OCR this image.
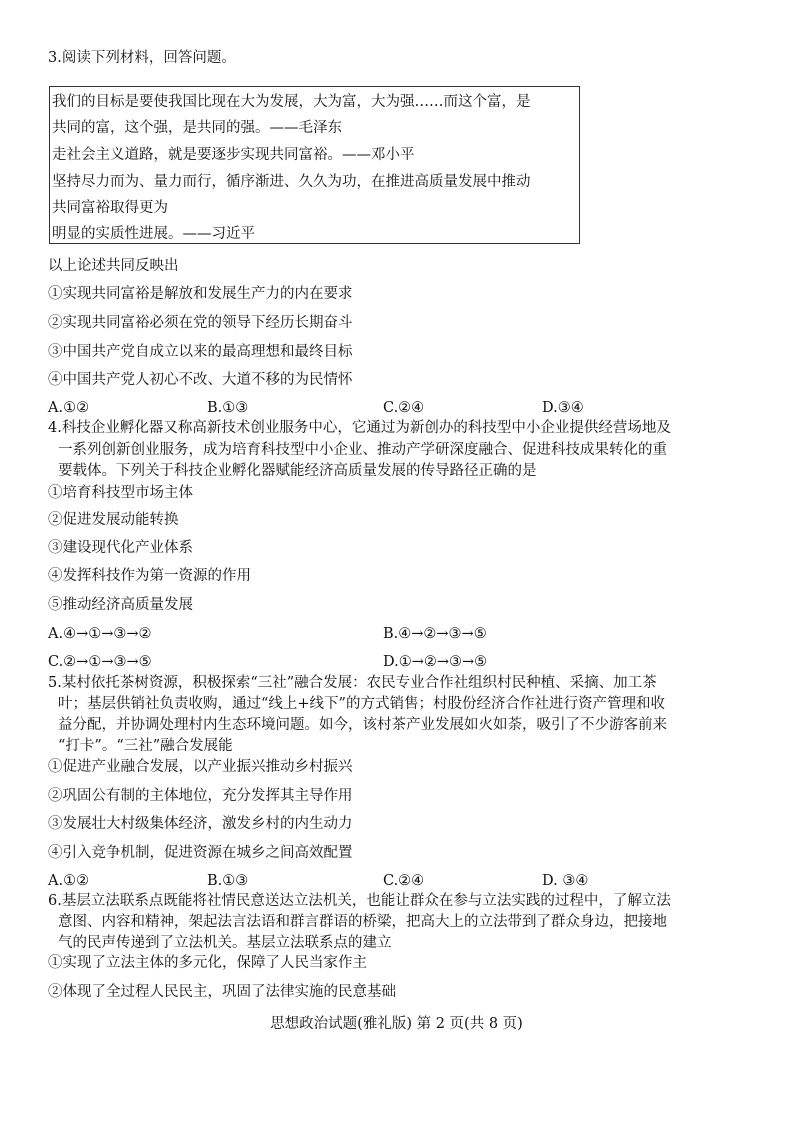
3.阅读下列材料，回答问题。
我们的目标是要使我国比现在大为发展，大为富，大为强……而这个富，是
共同的富，这个强，是共同的强。——毛泽东
走社会主义道路，就是要逐步实现共同富裕。——邓小平
坚持尽力而为、量力而行，循序渐进、久久为功，在推进高质量发展中推动
共同富裕取得更为
明显的实质性进展。——习近平
以上论述共同反映出
①实现共同富裕是解放和发展生产力的内在要求
②实现共同富裕必须在党的领导下经历长期奋斗
③中国共产党自成立以来的最高理想和最终目标
④中国共产党人初心不改、大道不移的为民情怀
A.①②	B.①③	C.②④	D.③④
4.科技企业孵化器又称高新技术创业服务中心，它通过为新创办的科技型中小企业提供经营场地及
一系列创新创业服务，成为培育科技型中小企业、推动产学研深度融合、促进科技成果转化的重
要载体。下列关于科技企业孵化器赋能经济高质量发展的传导路径正确的是
①培育科技型市场主体
②促进发展动能转换
③建设现代化产业体系
④发挥科技作为第一资源的作用
⑤推动经济高质量发展
A.④→①→③→②	B.④→②→③→⑤
C.②→①→③→⑤	D.①→②→③→⑤
5.某村依托茶树资源，积极探索“三社”融合发展：农民专业合作社组织村民种植、采摘、加工茶
叶；基层供销社负责收购，通过“线上+线下”的方式销售；村股份经济合作社进行资产管理和收
益分配，并协调处理村内生态环境问题。如今，该村茶产业发展如火如荼，吸引了不少游客前来
“打卡”。“三社”融合发展能
①促进产业融合发展，以产业振兴推动乡村振兴
②巩固公有制的主体地位，充分发挥其主导作用
③发展壮大村级集体经济，激发乡村的内生动力
④引入竞争机制，促进资源在城乡之间高效配置
A.①②	B.①③	C.②④	D. ③④
6.基层立法联系点既能将社情民意送达立法机关，也能让群众在参与立法实践的过程中，了解立法
意图、内容和精神，架起法言法语和群言群语的桥梁，把高大上的立法带到了群众身边，把接地
气的民声传递到了立法机关。基层立法联系点的建立
①实现了立法主体的多元化，保障了人民当家作主
②体现了全过程人民民主，巩固了法律实施的民意基础
思想政治试题(雅礼版) 第 2 页(共 8 页)
